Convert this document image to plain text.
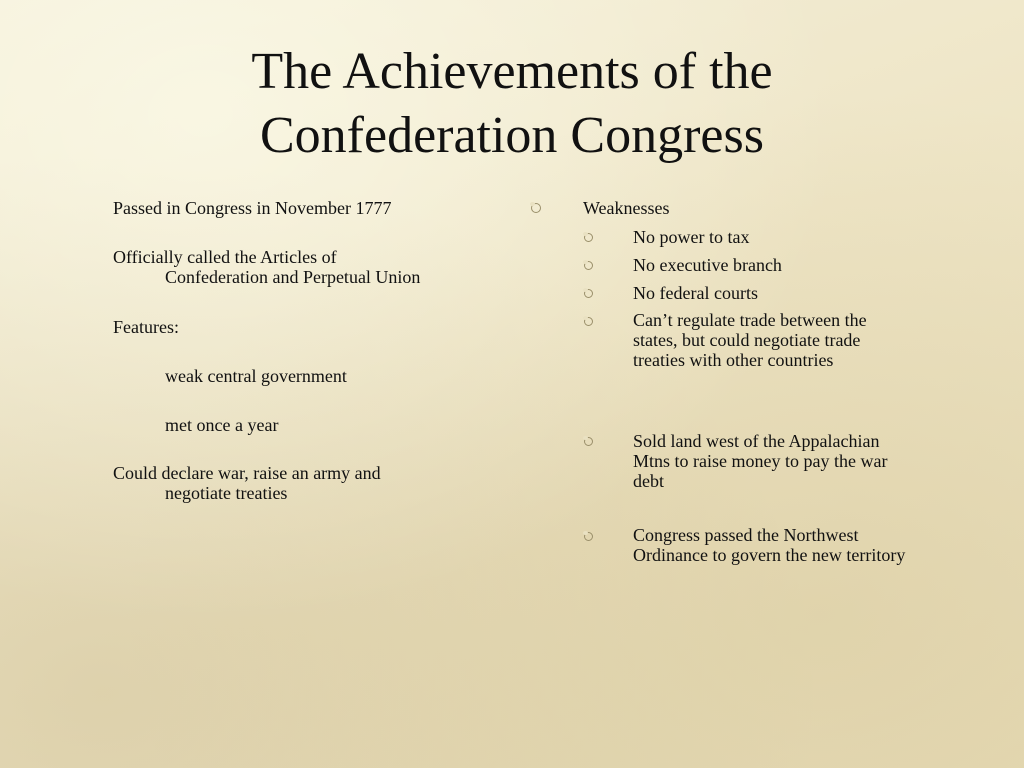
The Achievements of the
Confederation Congress
Passed in Congress in November 1777
Officially called the Articles of
Confederation and Perpetual Union
Features:
weak central government
met once a year
Could declare war, raise an army and
negotiate treaties
Weaknesses
No power to tax
No executive branch
No federal courts
Can’t regulate trade between the states, but could negotiate trade treaties with other countries
Sold land west of the Appalachian Mtns to raise money to pay the war debt
Congress passed the Northwest Ordinance to govern the new territory
